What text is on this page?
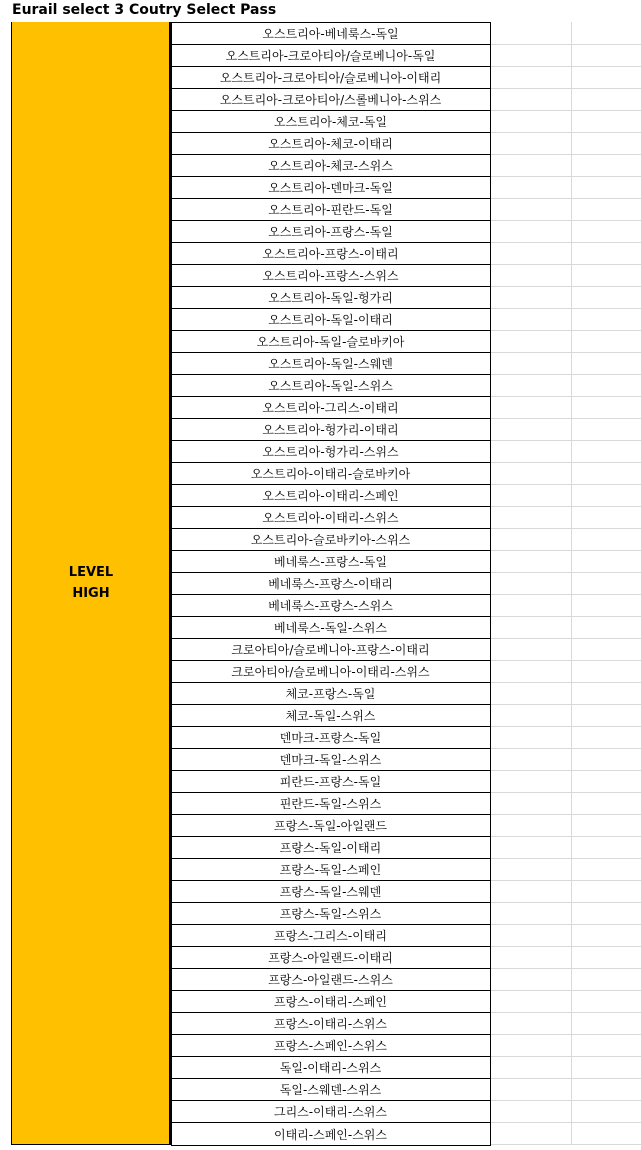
Eurail select 3 Coutry Select Pass
LEVEL
HIGH
오스트리아-베네룩스-독일
오스트리아-크로아티아/슬로베니아-독일
오스트리아-크로아티아/슬로베니아-이태리
오스트리아-크로아티아/스롤베니아-스위스
오스트리아-체코-독일
오스트리아-체코-이태리
오스트리아-체코-스위스
오스트리아-덴마크-독일
오스트리아-핀란드-독일
오스트리아-프랑스-독일
오스트리아-프랑스-이태리
오스트리아-프랑스-스위스
오스트리아-독일-헝가리
오스트리아-독일-이태리
오스트리아-독일-슬로바키아
오스트리아-독일-스웨덴
오스트리아-독일-스위스
오스트리아-그리스-이태리
오스트리아-헝가리-이태리
오스트리아-헝가리-스위스
오스트리아-이태리-슬로바키아
오스트리아-이태리-스페인
오스트리아-이태리-스위스
오스트리아-슬로바키아-스위스
베네룩스-프랑스-독일
베네룩스-프랑스-이태리
베네룩스-프랑스-스위스
베네룩스-독일-스위스
크로아티아/슬로베니아-프랑스-이태리
크로아티아/슬로베니아-이태리-스위스
체코-프랑스-독일
체코-독일-스위스
덴마크-프랑스-독일
덴마크-독일-스위스
피란드-프랑스-독일
핀란드-독일-스위스
프랑스-독일-아일랜드
프랑스-독일-이태리
프랑스-독일-스페인
프랑스-독일-스웨덴
프랑스-독일-스위스
프랑스-그리스-이태리
프랑스-아일랜드-이태리
프랑스-아일랜드-스위스
프랑스-이태리-스페인
프랑스-이태리-스위스
프랑스-스페인-스위스
독일-이태리-스위스
독일-스웨덴-스위스
그리스-이태리-스위스
이태리-스페인-스위스
